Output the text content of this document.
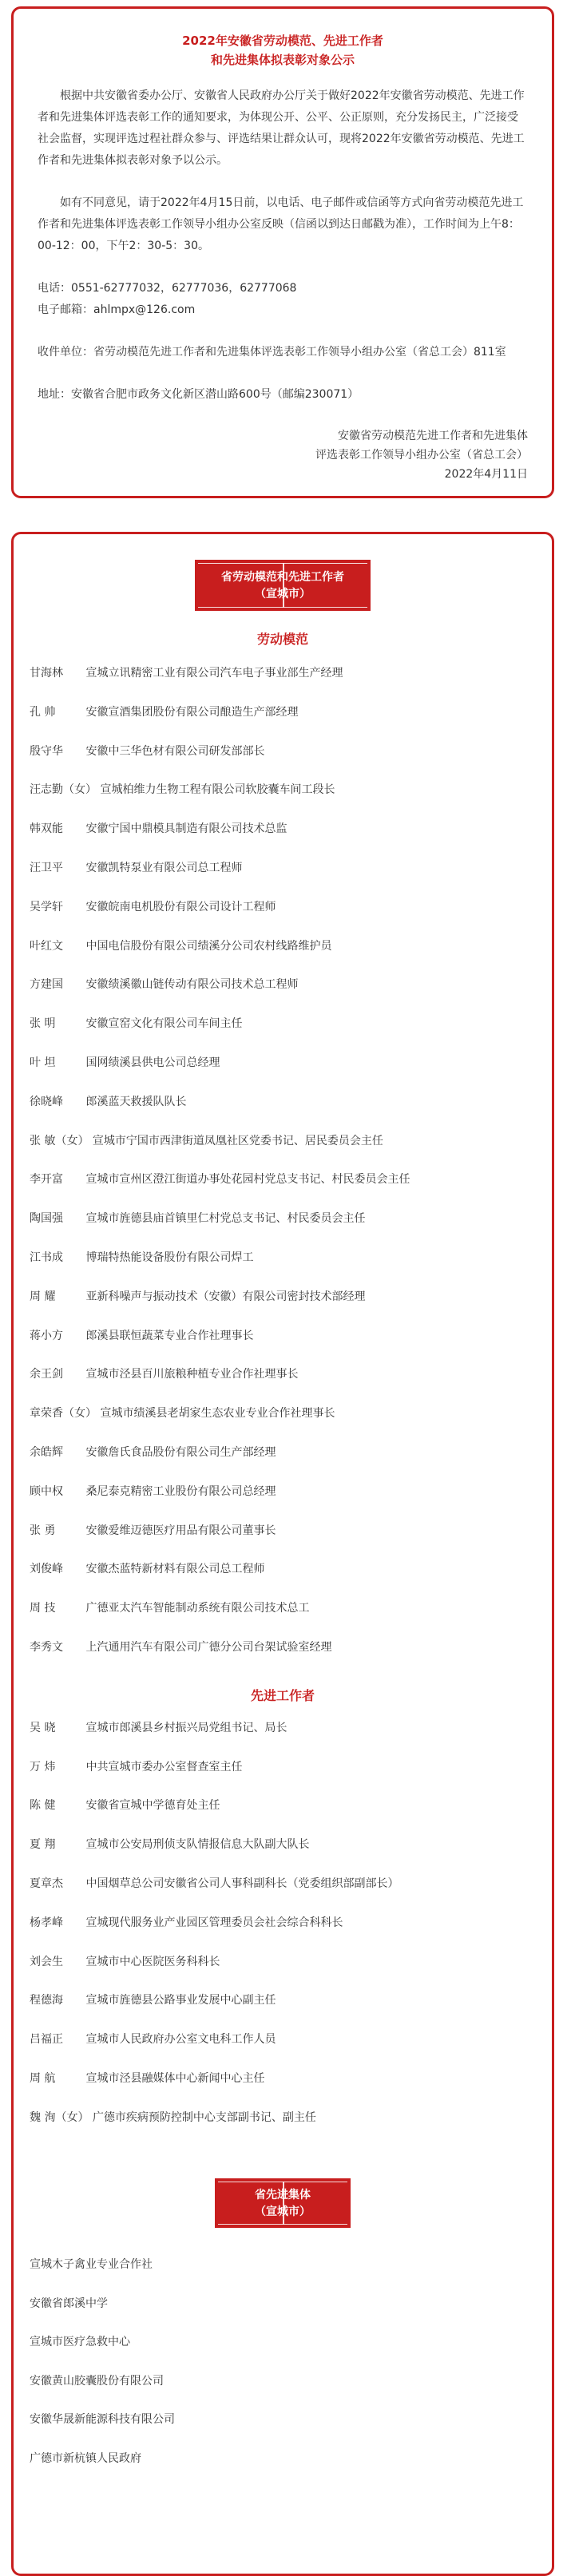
2022年安徽省劳动模范、先进工作者
和先进集体拟表彰对象公示

根据中共安徽省委办公厅、安徽省人民政府办公厅关于做好2022年安徽省劳动模范、先进工作者和先进集体评选表彰工作的通知要求，为体现公开、公平、公正原则，充分发扬民主，广泛接受社会监督，实现评选过程社群众参与、评选结果让群众认可，现将2022年安徽省劳动模范、先进工作者和先进集体拟表彰对象予以公示。

如有不同意见，请于2022年4月15日前，以电话、电子邮件或信函等方式向省劳动模范先进工作者和先进集体评选表彰工作领导小组办公室反映（信函以到达日邮戳为准），工作时间为上午8：00-12：00，下午2：30-5：30。

电话：0551-62777032，62777036，62777068

电子邮箱：ahlmpx@126.com

收件单位：省劳动模范先进工作者和先进集体评选表彰工作领导小组办公室（省总工会）811室

地址：安徽省合肥市政务文化新区潜山路600号（邮编230071）

安徽省劳动模范先进工作者和先进集体
评选表彰工作领导小组办公室（省总工会）
2022年4月11日
省劳动模范和先进工作者
（宣城市）
劳动模范
甘海林 宣城立讯精密工业有限公司汽车电子事业部生产经理
孔 帅	安徽宣酒集团股份有限公司酿造生产部经理
殷守华 安徽中三华色材有限公司研发部部长
汪志勤（女） 宣城柏维力生物工程有限公司软胶囊车间工段长
韩双能 安徽宁国中鼎模具制造有限公司技术总监
汪卫平 安徽凯特泵业有限公司总工程师
吴学轩 安徽皖南电机股份有限公司设计工程师
叶红文 中国电信股份有限公司绩溪分公司农村线路维护员
方建国 安徽绩溪徽山链传动有限公司技术总工程师
张 明	安徽宣窑文化有限公司车间主任
叶 坦	国网绩溪县供电公司总经理
徐晓峰 郎溪蓝天救援队队长
张 敏（女） 宣城市宁国市西津街道凤凰社区党委书记、居民委员会主任
李开富 宣城市宣州区澄江街道办事处花园村党总支书记、村民委员会主任
陶国强 宣城市旌德县庙首镇里仁村党总支书记、村民委员会主任
江书成 博瑞特热能设备股份有限公司焊工
周 耀	亚新科噪声与振动技术（安徽）有限公司密封技术部经理
蒋小方 郎溪县联恒蔬菜专业合作社理事长
余王剑 宣城市泾县百川旅粮种植专业合作社理事长
章荣香（女） 宣城市绩溪县老胡家生态农业专业合作社理事长
余皓辉 安徽詹氏食品股份有限公司生产部经理
顾中权 桑尼泰克精密工业股份有限公司总经理
张 勇	安徽爱维迈德医疗用品有限公司董事长
刘俊峰 安徽杰蓝特新材料有限公司总工程师
周 技	广德亚太汽车智能制动系统有限公司技术总工
李秀文 上汽通用汽车有限公司广德分公司台架试验室经理
先进工作者
吴 晓	宣城市郎溪县乡村振兴局党组书记、局长
万 炜	中共宣城市委办公室督查室主任
陈 健	安徽省宣城中学德育处主任
夏 翔	宣城市公安局刑侦支队情报信息大队副大队长
夏章杰 中国烟草总公司安徽省公司人事科副科长（党委组织部副部长）
杨孝峰 宣城现代服务业产业园区管理委员会社会综合科科长
刘会生 宣城市中心医院医务科科长
程德海 宣城市旌德县公路事业发展中心副主任
吕福正 宣城市人民政府办公室文电科工作人员
周 航	宣城市泾县融媒体中心新闻中心主任
魏 洵（女） 广德市疾病预防控制中心支部副书记、副主任
省先进集体
（宣城市）
宣城木子禽业专业合作社
安徽省郎溪中学
宣城市医疗急救中心
安徽黄山胶囊股份有限公司
安徽华晟新能源科技有限公司
广德市新杭镇人民政府
